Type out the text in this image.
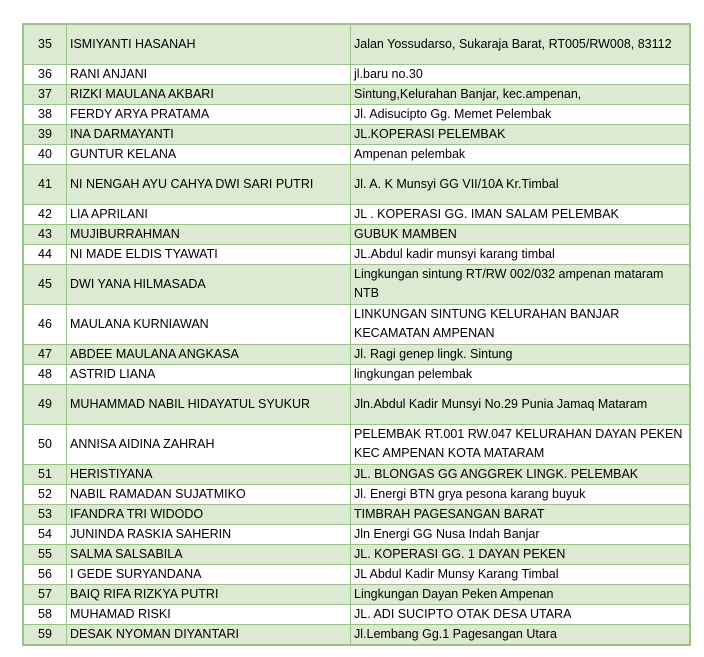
35	ISMIYANTI HASANAH	Jalan Yossudarso, Sukaraja Barat, RT005/RW008, 83112
36	RANI ANJANI	jl.baru no.30
37	RIZKI MAULANA AKBARI	Sintung,Kelurahan Banjar, kec.ampenan,
38	FERDY ARYA PRATAMA	Jl. Adisucipto Gg. Memet Pelembak
39	INA DARMAYANTI	JL.KOPERASI PELEMBAK
40	GUNTUR KELANA	Ampenan pelembak
41	NI NENGAH AYU CAHYA DWI SARI PUTRI	Jl. A. K Munsyi GG VII/10A Kr.Timbal
42	LIA APRILANI	JL . KOPERASI GG. IMAN SALAM PELEMBAK
43	MUJIBURRAHMAN	GUBUK MAMBEN
44	NI MADE ELDIS TYAWATI	JL.Abdul kadir munsyi karang timbal
45	DWI YANA HILMASADA	Lingkungan sintung RT/RW 002/032 ampenan mataram NTB
46	MAULANA KURNIAWAN	LINKUNGAN SINTUNG KELURAHAN BANJAR KECAMATAN AMPENAN
47	ABDEE MAULANA ANGKASA	Jl. Ragi genep lingk. Sintung
48	ASTRID LIANA	lingkungan pelembak
49	MUHAMMAD NABIL HIDAYATUL SYUKUR	Jln.Abdul Kadir Munsyi No.29 Punia Jamaq Mataram
50	ANNISA AIDINA ZAHRAH	PELEMBAK RT.001 RW.047 KELURAHAN DAYAN PEKEN KEC AMPENAN KOTA MATARAM
51	HERISTIYANA	JL. BLONGAS GG ANGGREK LINGK. PELEMBAK
52	NABIL RAMADAN SUJATMIKO	Jl. Energi BTN grya pesona karang buyuk
53	IFANDRA TRI WIDODO	TIMBRAH PAGESANGAN BARAT
54	JUNINDA RASKIA SAHERIN	Jln Energi GG Nusa Indah Banjar
55	SALMA SALSABILA	JL. KOPERASI GG. 1 DAYAN PEKEN
56	I GEDE SURYANDANA	JL Abdul Kadir Munsy Karang Timbal
57	BAIQ RIFA RIZKYA PUTRI	Lingkungan Dayan Peken Ampenan
58	MUHAMAD RISKI	JL. ADI SUCIPTO OTAK DESA UTARA
59	DESAK NYOMAN DIYANTARI	Jl.Lembang Gg.1 Pagesangan Utara
